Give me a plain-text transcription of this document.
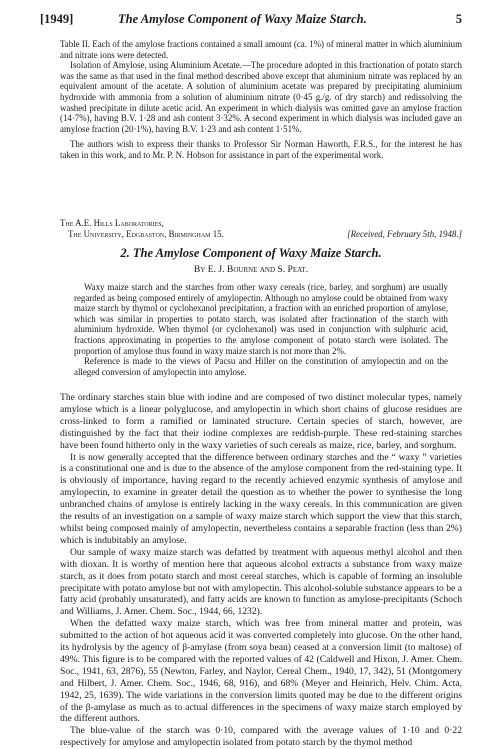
[1949]	The Amylose Component of Waxy Maize Starch.	5

Table II. Each of the amylose fractions contained a small amount (ca. 1%) of mineral matter in which aluminium and nitrate ions were detected.

Isolation of Amylose, using Aluminium Acetate.—The procedure adopted in this fractionation of potato starch was the same as that used in the final method described above except that aluminium nitrate was replaced by an equivalent amount of the acetate. A solution of aluminium acetate was prepared by precipitating aluminium hydroxide with ammonia from a solution of aluminium nitrate (0·45 g./g. of dry starch) and redissolving the washed precipitate in dilute acetic acid. An experiment in which dialysis was omitted gave an amylose fraction (14·7%), having B.V. 1·28 and ash content 3·32%. A second experiment in which dialysis was included gave an amylose fraction (20·1%), having B.V. 1·23 and ash content 1·51%.

The authors wish to express their thanks to Professor Sir Norman Haworth, F.R.S., for the interest he has taken in this work, and to Mr. P. N. Hobson for assistance in part of the experimental work.

The A.E. Hills Laboratories,
The University, Edgbaston, Birmingham 15.	[Received, February 5th, 1948.]
2. The Amylose Component of Waxy Maize Starch.
By E. J. Bourne and S. Peat.

Waxy maize starch and the starches from other waxy cereals (rice, barley, and sorghum) are usually regarded as being composed entirely of amylopectin. Although no amylose could be obtained from waxy maize starch by thymol or cyclohexanol precipitation, a fraction with an enriched proportion of amylose, which was similar in properties to potato starch, was isolated after fractionation of the starch with aluminium hydroxide. When thymol (or cyclohexanol) was used in conjunction with sulphuric acid, fractions approximating in properties to the amylose component of potato starch were isolated. The proportion of amylose thus found in waxy maize starch is not more than 2%.

Reference is made to the views of Pacsu and Hiller on the constitution of amylopectin and on the alleged conversion of amylopectin into amylose.

The ordinary starches stain blue with iodine and are composed of two distinct molecular types, namely amylose which is a linear polyglucose, and amylopectin in which short chains of glucose residues are cross-linked to form a ramified or laminated structure. Certain species of starch, however, are distinguished by the fact that their iodine complexes are reddish-purple. These red-staining starches have been found hitherto only in the waxy varieties of such cereals as maize, rice, barley, and sorghum.

It is now generally accepted that the difference between ordinary starches and the “ waxy ” varieties is a constitutional one and is due to the absence of the amylose component from the red-staining type. It is obviously of importance, having regard to the recently achieved enzymic synthesis of amylose and amylopectin, to examine in greater detail the question as to whether the power to synthesise the long unbranched chains of amylose is entirely lacking in the waxy cereals. In this communication are given the results of an investigation on a sample of waxy maize starch which support the view that this starch, whilst being composed mainly of amylopectin, nevertheless contains a separable fraction (less than 2%) which is indubitably an amylose.

Our sample of waxy maize starch was defatted by treatment with aqueous methyl alcohol and then with dioxan. It is worthy of mention here that aqueous alcohol extracts a substance from waxy maize starch, as it does from potato starch and most cereal starches, which is capable of forming an insoluble precipitate with potato amylose but not with amylopectin. This alcohol-soluble substance appears to be a fatty acid (probably unsaturated), and fatty acids are known to function as amylose-precipitants (Schoch and Williams, J. Amer. Chem. Soc., 1944, 66, 1232).

When the defatted waxy maize starch, which was free from mineral matter and protein, was submitted to the action of hot aqueous acid it was converted completely into glucose. On the other hand, its hydrolysis by the agency of β-amylase (from soya bean) ceased at a conversion limit (to maltose) of 49%. This figure is to be compared with the reported values of 42 (Caldwell and Hixon, J. Amer. Chem. Soc., 1941, 63, 2876), 55 (Newton, Farley, and Naylor, Cereal Chem., 1940, 17, 342), 51 (Montgomery and Hilbert, J. Amer. Chem. Soc., 1946, 68, 916), and 68% (Meyer and Heinrich, Helv. Chim. Acta, 1942, 25, 1639). The wide variations in the conversion limits quoted may be due to the different origins of the β-amylase as much as to actual differences in the specimens of waxy maize starch employed by the different authors.

The blue-value of the starch was 0·10, compared with the average values of 1·10 and 0·22 respectively for amylose and amylopectin isolated from potato starch by the thymol method
